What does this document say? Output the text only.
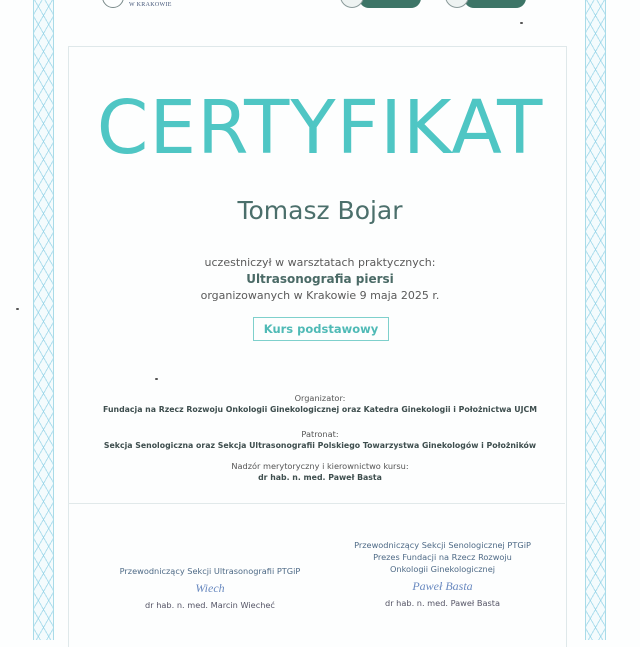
W KRAKOWIE
CERTYFIKAT
Tomasz Bojar
uczestniczył w warsztatach praktycznych:
Ultrasonografia piersi
organizowanych w Krakowie 9 maja 2025 r.
Kurs podstawowy
Organizator:
Fundacja na Rzecz Rozwoju Onkologii Ginekologicznej oraz Katedra Ginekologii i Położnictwa UJCM
Patronat:
Sekcja Senologiczna oraz Sekcja Ultrasonografii Polskiego Towarzystwa Ginekologów i Położników
Nadzór merytoryczny i kierownictwo kursu:
dr hab. n. med. Paweł Basta
Przewodniczący Sekcji Ultrasonografii PTGiP
Wiech
dr hab. n. med. Marcin Wiecheć
Przewodniczący Sekcji Senologicznej PTGiP
Prezes Fundacji na Rzecz Rozwoju
Onkologii Ginekologicznej
Paweł Basta
dr hab. n. med. Paweł Basta
